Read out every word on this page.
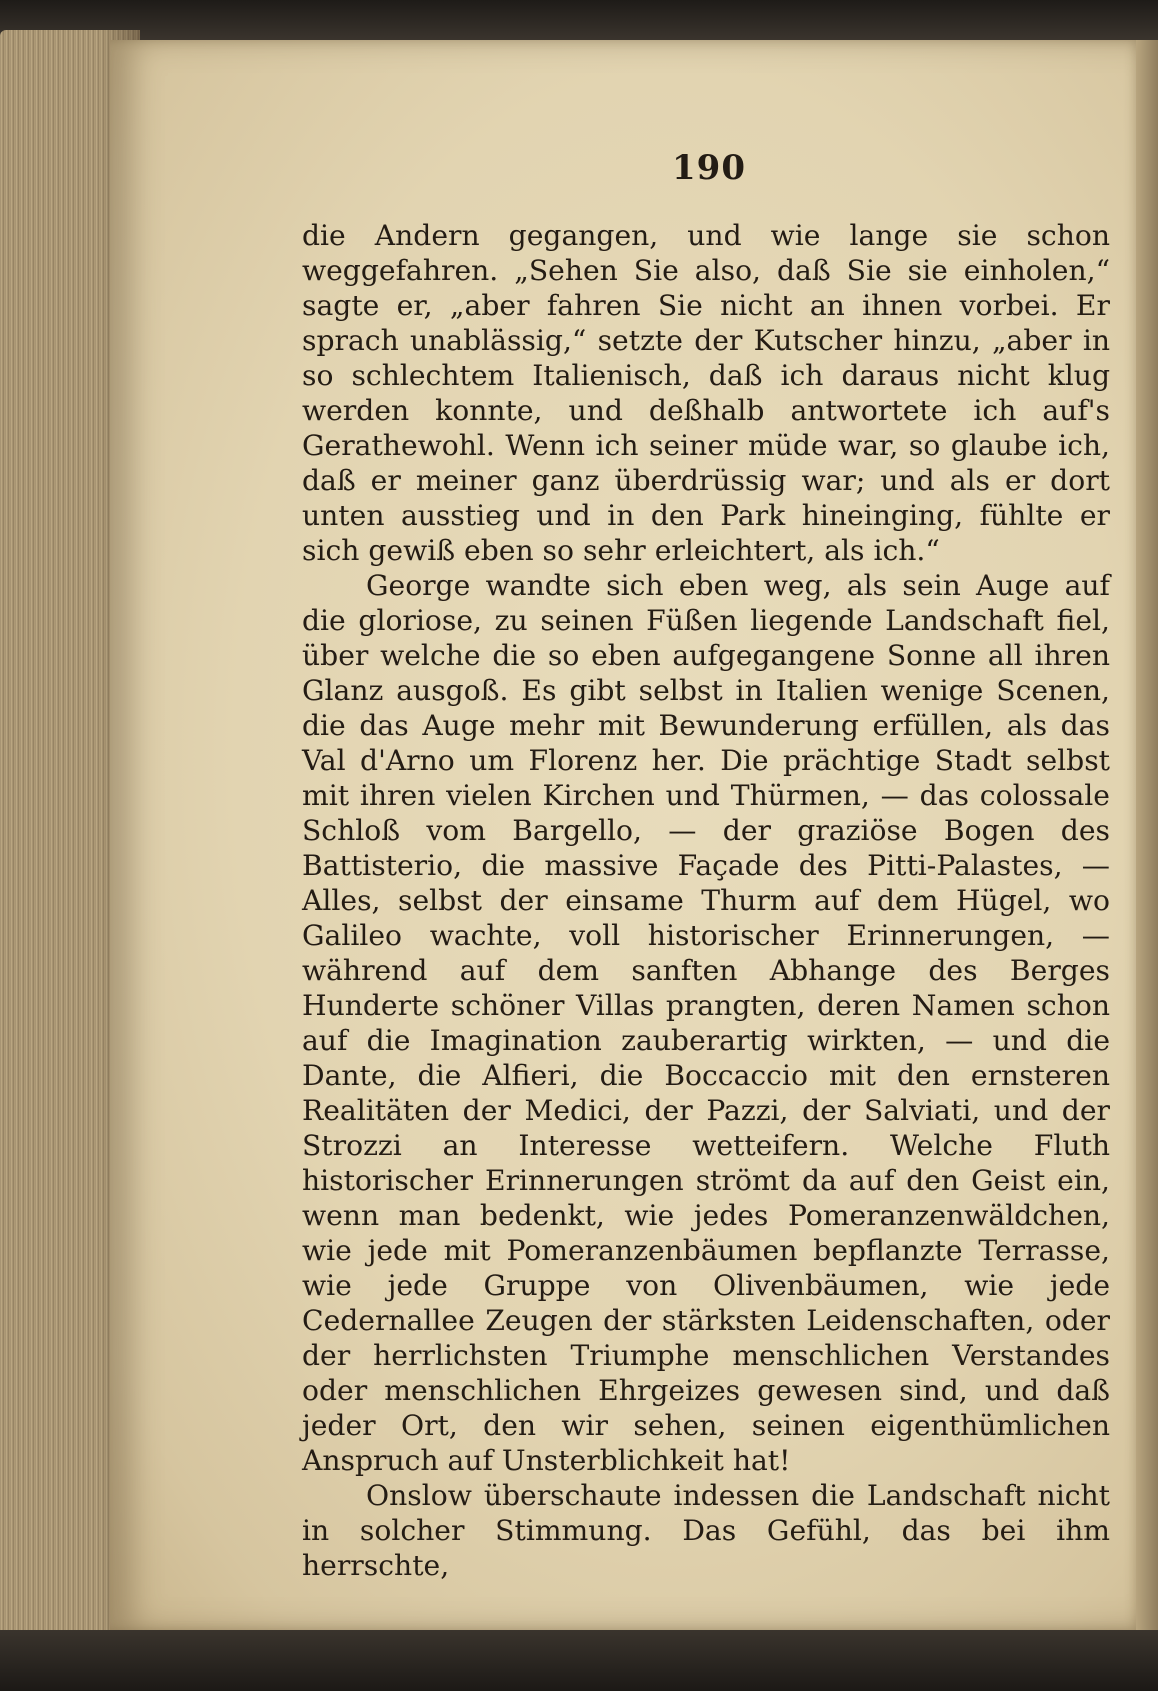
190

die Andern gegangen, und wie lange sie schon weggefahren. „Sehen Sie also, daß Sie sie einholen,“ sagte er, „aber fahren Sie nicht an ihnen vorbei. Er sprach unablässig,“ setzte der Kutscher hinzu, „aber in so schlechtem Italienisch, daß ich daraus nicht klug werden konnte, und deßhalb antwortete ich auf's Gerathewohl. Wenn ich seiner müde war, so glaube ich, daß er meiner ganz überdrüssig war; und als er dort unten ausstieg und in den Park hineinging, fühlte er sich gewiß eben so sehr erleichtert, als ich.“

George wandte sich eben weg, als sein Auge auf die gloriose, zu seinen Füßen liegende Landschaft fiel, über welche die so eben aufgegangene Sonne all ihren Glanz ausgoß. Es gibt selbst in Italien wenige Scenen, die das Auge mehr mit Bewunderung erfüllen, als das Val d'Arno um Florenz her. Die prächtige Stadt selbst mit ihren vielen Kirchen und Thürmen, — das colossale Schloß vom Bargello, — der graziöse Bogen des Battisterio, die massive Façade des Pitti-Palastes, — Alles, selbst der einsame Thurm auf dem Hügel, wo Galileo wachte, voll historischer Erinnerungen, — während auf dem sanften Abhange des Berges Hunderte schöner Villas prangten, deren Namen schon auf die Imagination zauberartig wirkten, — und die Dante, die Alfieri, die Boccaccio mit den ernsteren Realitäten der Medici, der Pazzi, der Salviati, und der Strozzi an Interesse wetteifern. Welche Fluth historischer Erinnerungen strömt da auf den Geist ein, wenn man bedenkt, wie jedes Pomeranzenwäldchen, wie jede mit Pomeranzenbäumen bepflanzte Terrasse, wie jede Gruppe von Olivenbäumen, wie jede Cedernallee Zeugen der stärksten Leidenschaften, oder der herrlichsten Triumphe menschlichen Verstandes oder menschlichen Ehrgeizes gewesen sind, und daß jeder Ort, den wir sehen, seinen eigenthümlichen Anspruch auf Unsterblichkeit hat!

Onslow überschaute indessen die Landschaft nicht in solcher Stimmung. Das Gefühl, das bei ihm herrschte,
